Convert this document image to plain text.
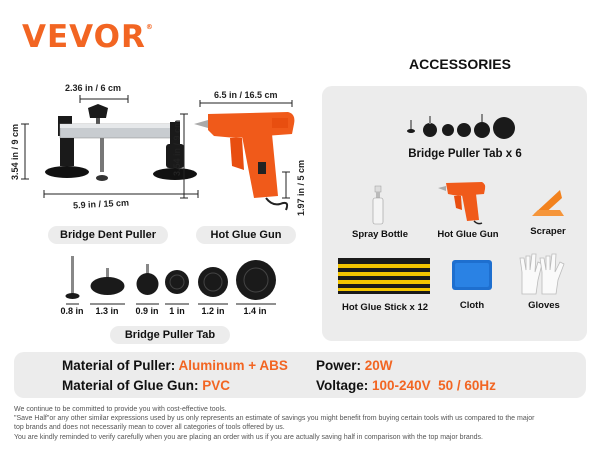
VEVOR®
2.36 in / 6 cm
3.54 in / 9 cm
5.9 in / 15 cm
Bridge Dent Puller
6.5 in / 16.5 cm
3.54 in / 9 cm
1.97 in / 5 cm
Hot Glue Gun
0.8 in	1.3 in	0.9 in	1 in	1.2 in	1.4 in
Bridge Puller Tab
ACCESSORIES
Bridge Puller Tab x 6
Spray Bottle	Hot Glue Gun	Scraper
Hot Glue Stick x 12	Cloth	Gloves
Material of Puller: Aluminum + ABS
Material of Glue Gun: PVC
Power: 20W
Voltage: 100-240V  50 / 60Hz
We continue to be committed to provide you with cost-effective tools.
"Save Half"or any other similar expressions used by us only represents an estimate of savings you might benefit from buying certain tools with us compared to the major
top brands and does not necessarily mean to cover all categories of tools offered by us.
You are kindly reminded to verify carefully when you are placing an order with us if you are actually saving half in comparison with the top major brands.
